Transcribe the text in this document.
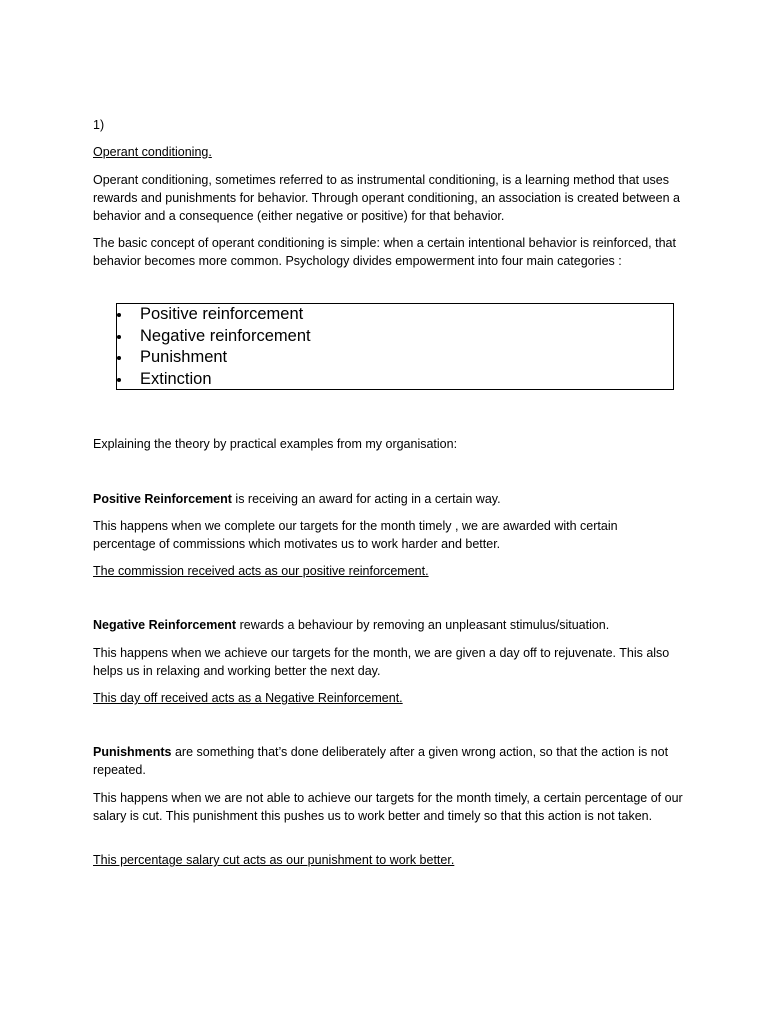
1)

Operant conditioning.

Operant conditioning, sometimes referred to as instrumental conditioning, is a learning method that uses rewards and punishments for behavior. Through operant conditioning, an association is created between a behavior and a consequence (either negative or positive) for that behavior.

The basic concept of operant conditioning is simple: when a certain intentional behavior is reinforced, that behavior becomes more common. Psychology divides empowerment into four main categories :

Positive reinforcement
Negative reinforcement
Punishment
Extinction

Explaining the theory by practical examples from my organisation:

Positive Reinforcement is receiving an award for acting in a certain way.

This happens when we complete our targets for the month timely , we are awarded with certain percentage of commissions which motivates us to work harder and better.

The commission received acts as our positive reinforcement.

Negative Reinforcement rewards a behaviour by removing an unpleasant stimulus/situation.

This happens when we achieve our targets for the month, we are given a day off to rejuvenate. This also helps us in relaxing and working better the next day.

This day off received acts as a Negative Reinforcement.

Punishments are something that’s done deliberately after a given wrong action, so that the action is not repeated.

This happens when we are not able to achieve our targets for the month timely, a certain percentage of our salary is cut. This punishment this pushes us to work better and timely so that this action is not taken.

This percentage salary cut acts as our punishment to work better.
